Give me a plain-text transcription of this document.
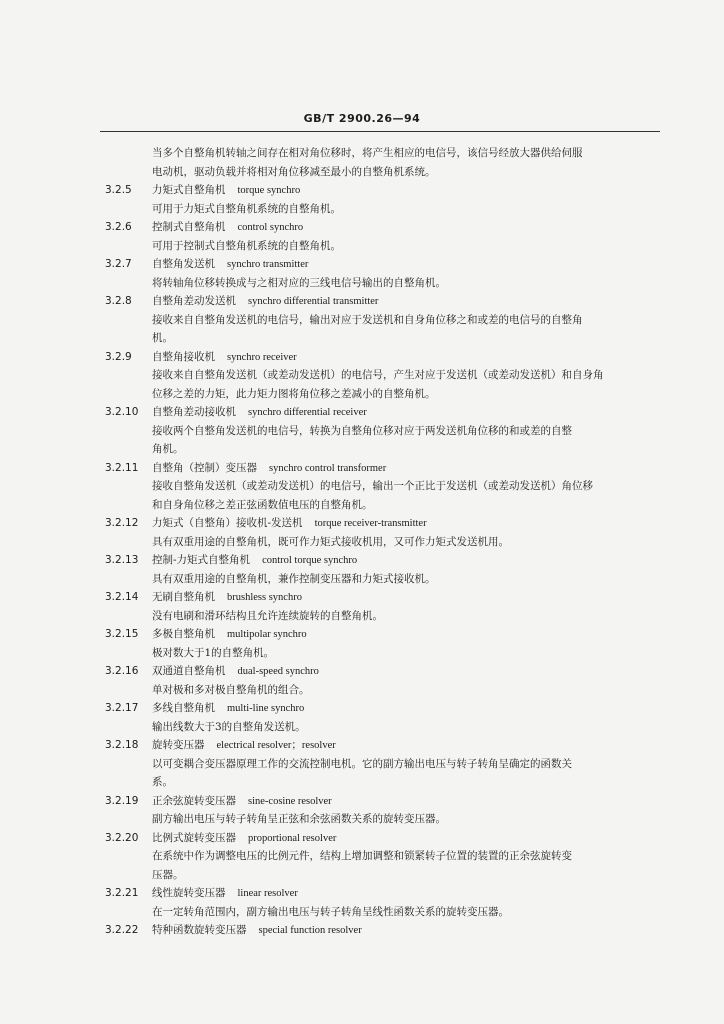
GB/T 2900.26—94
当多个自整角机转轴之间存在相对角位移时，将产生相应的电信号，该信号经放大器供给伺服
电动机，驱动负载并将相对角位移减至最小的自整角机系统。
3.2.5 力矩式自整角机 torque synchro
可用于力矩式自整角机系统的自整角机。
3.2.6 控制式自整角机 control synchro
可用于控制式自整角机系统的自整角机。
3.2.7 自整角发送机 synchro transmitter
将转轴角位移转换成与之相对应的三线电信号输出的自整角机。
3.2.8 自整角差动发送机 synchro differential transmitter
接收来自自整角发送机的电信号，输出对应于发送机和自身角位移之和或差的电信号的自整角
机。
3.2.9 自整角接收机 synchro receiver
接收来自自整角发送机（或差动发送机）的电信号，产生对应于发送机（或差动发送机）和自身角
位移之差的力矩，此力矩力图将角位移之差减小的自整角机。
3.2.10 自整角差动接收机 synchro differential receiver
接收两个自整角发送机的电信号，转换为自整角位移对应于两发送机角位移的和或差的自整
角机。
3.2.11 自整角（控制）变压器 synchro control transformer
接收自整角发送机（或差动发送机）的电信号，输出一个正比于发送机（或差动发送机）角位移
和自身角位移之差正弦函数值电压的自整角机。
3.2.12 力矩式（自整角）接收机-发送机 torque receiver-transmitter
具有双重用途的自整角机，既可作力矩式接收机用，又可作力矩式发送机用。
3.2.13 控制-力矩式自整角机 control torque synchro
具有双重用途的自整角机，兼作控制变压器和力矩式接收机。
3.2.14 无刷自整角机 brushless synchro
没有电刷和滑环结构且允许连续旋转的自整角机。
3.2.15 多极自整角机 multipolar synchro
极对数大于1的自整角机。
3.2.16 双通道自整角机 dual-speed synchro
单对极和多对极自整角机的组合。
3.2.17 多线自整角机 multi-line synchro
输出线数大于3的自整角发送机。
3.2.18 旋转变压器 electrical resolver；resolver
以可变耦合变压器原理工作的交流控制电机。它的副方输出电压与转子转角呈确定的函数关
系。
3.2.19 正余弦旋转变压器 sine-cosine resolver
副方输出电压与转子转角呈正弦和余弦函数关系的旋转变压器。
3.2.20 比例式旋转变压器 proportional resolver
在系统中作为调整电压的比例元件，结构上增加调整和锁紧转子位置的装置的正余弦旋转变
压器。
3.2.21 线性旋转变压器 linear resolver
在一定转角范围内，副方输出电压与转子转角呈线性函数关系的旋转变压器。
3.2.22 特种函数旋转变压器 special function resolver
